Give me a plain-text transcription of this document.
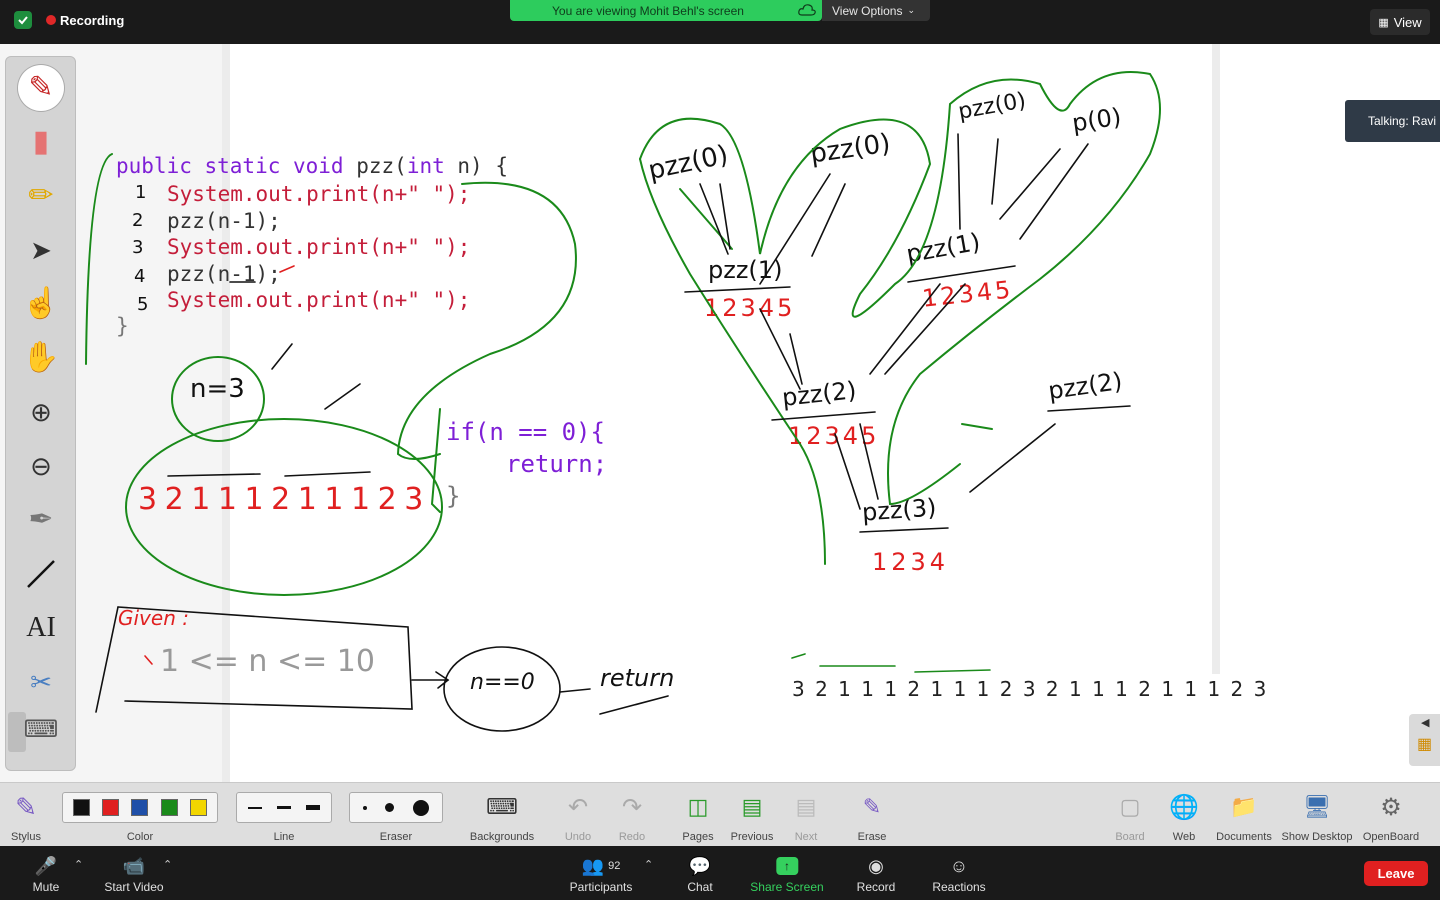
Recording
You are viewing Mohit Behl's screen	View Options ⌄
▦ View
✎
▮
✏
➤
☝
✋
⊕
⊖
✒
AI
✂
⌨
public static void pzz(int n) {
System.out.print(n+" ");
pzz(n-1);
System.out.print(n+" ");
pzz(n-1);
System.out.print(n+" ");
}
1
2
3
4
5
if(n == 0){
return;
}
n=3
3 2 1 1 1 2 1 1 1 2 3
Given :
1 <= n <= 10
n==0	return
pzz(0)	pzz(0)
pzz(0) p(0)
pzz(1)
pzz(1)
pzz(2)	pzz(2)
pzz(3)
12345	12345
12345
1234
3 2 1 1 1 2 1 1 1 2 3 2 1 1 1 2 1 1 1 2 3
Talking: Ravi
◀
▦
✎
Stylus	Color	Line	Eraser
⌨
Backgrounds
↶
Undo
↷
Redo
◫
Pages
▤
Previous
▤
Next
✎
Erase
▢
Board
🌐
Web
📁
Documents
🖥
Show Desktop
⚙
OpenBoard
🎤
Mute
⌃ 📹
Start Video
⌃	👥 92
Participants
⌃ 💬
Chat
↑
Share Screen
◉
Record
☺
Reactions
Leave
